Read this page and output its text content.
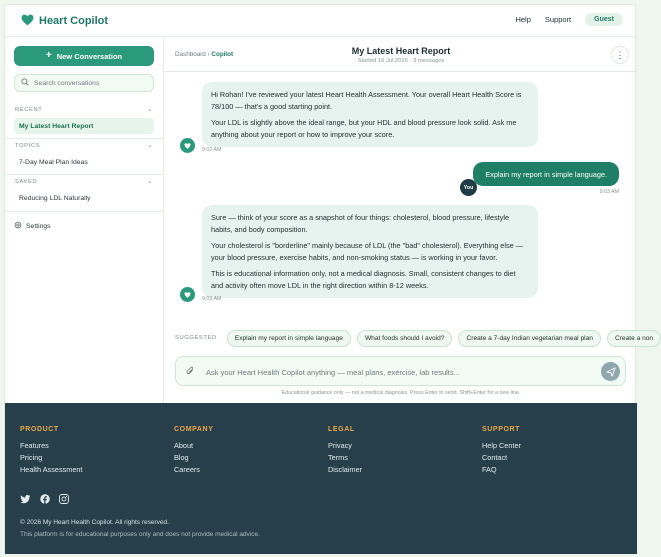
Heart Copilot	Help Support	Guest
+ New Conversation
Search conversations
RECENT	⌄
My Latest Heart Report
TOPICS	⌄
7-Day Meal Plan Ideas
SAVED	⌄
Reducing LDL Naturally
Settings
Dashboard › Copilot	My Latest Heart Report
Started 16 Jul 2026 · 3 messages
⋮

Hi Rohan! I've reviewed your latest Heart Health Assessment. Your overall Heart Health Score is 78/100 — that's a good starting point.

Your LDL is slightly above the ideal range, but your HDL and blood pressure look solid. Ask me anything about your report or how to improve your score.

9:02 AM
Explain my report in simple language.
You
9:03 AM

Sure — think of your score as a snapshot of four things: cholesterol, blood pressure, lifestyle habits, and body composition.

Your cholesterol is "borderline" mainly because of LDL (the "bad" cholesterol). Everything else — your blood pressure, exercise habits, and non-smoking status — is working in your favor.

This is educational information only, not a medical diagnosis. Small, consistent changes to diet and activity often move LDL in the right direction within 8-12 weeks.

9:03 AM
SUGGESTED	Explain my report in simple language	What foods should I avoid?	Create a 7-day Indian vegetarian meal plan	Create a non
Ask your Heart Health Copilot anything — meal plans, exercise, lab results...
Educational guidance only — not a medical diagnosis. Press Enter to send, Shift+Enter for a new line.
PRODUCT
Features
Pricing
Health Assessment
COMPANY
About
Blog
Careers
LEGAL
Privacy
Terms
Disclaimer
SUPPORT
Help Center
Contact
FAQ
© 2026 My Heart Health Copilot. All rights reserved.
This platform is for educational purposes only and does not provide medical advice.
